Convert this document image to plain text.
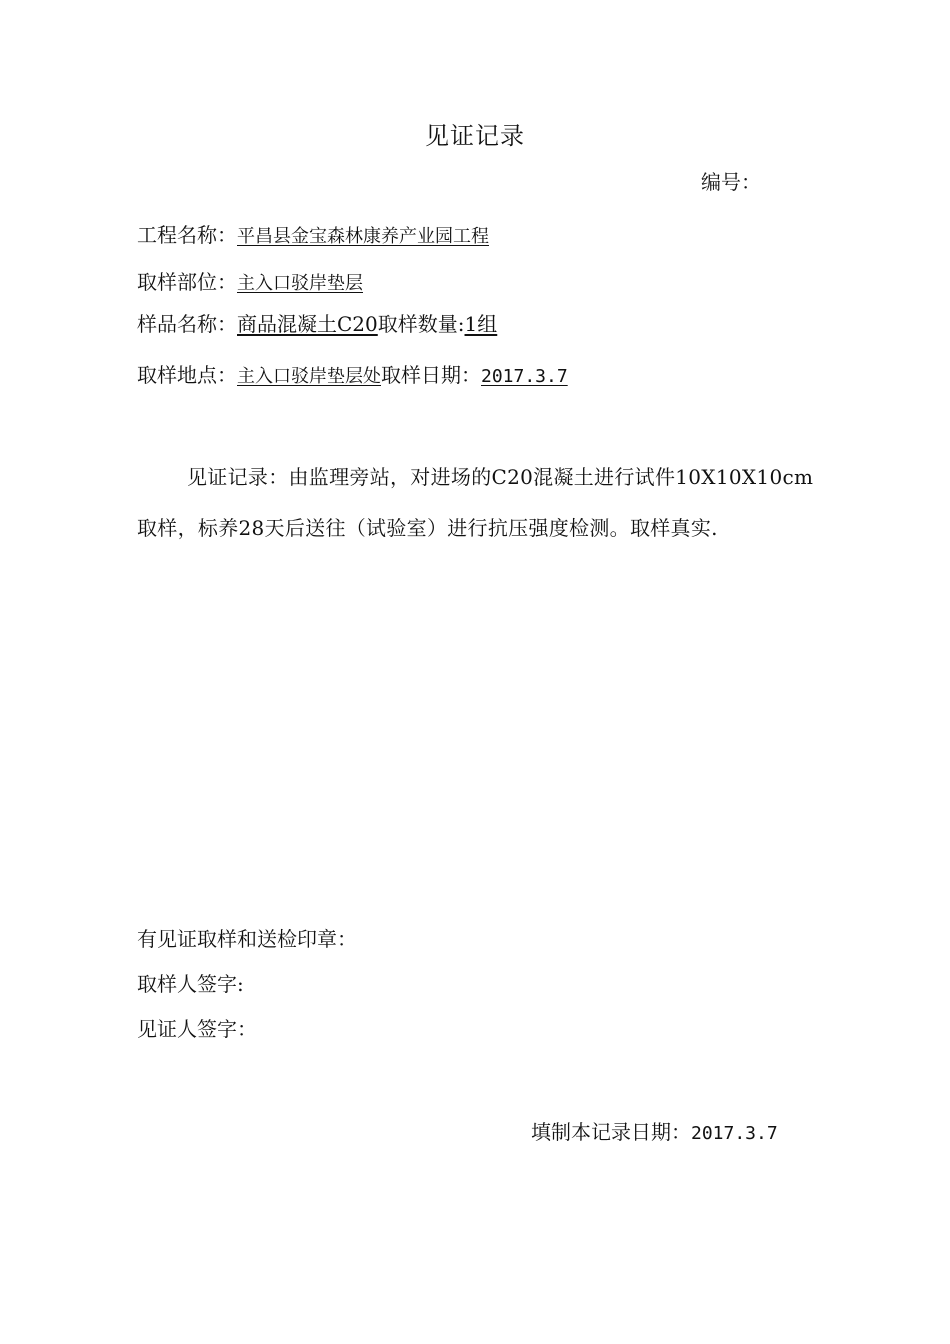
见证记录
编号：
工程名称：平昌县金宝森林康养产业园工程
取样部位：主入口驳岸垫层
样品名称：商品混凝土C20取样数量:1组
取样地点：主入口驳岸垫层处取样日期：2017.3.7
见证记录：由监理旁站，对进场的C20混凝土进行试件10X10X10cm取样，标养28天后送往（试验室）进行抗压强度检测。取样真实.
有见证取样和送检印章：
取样人签字:
见证人签字：
填制本记录日期：2017.3.7
